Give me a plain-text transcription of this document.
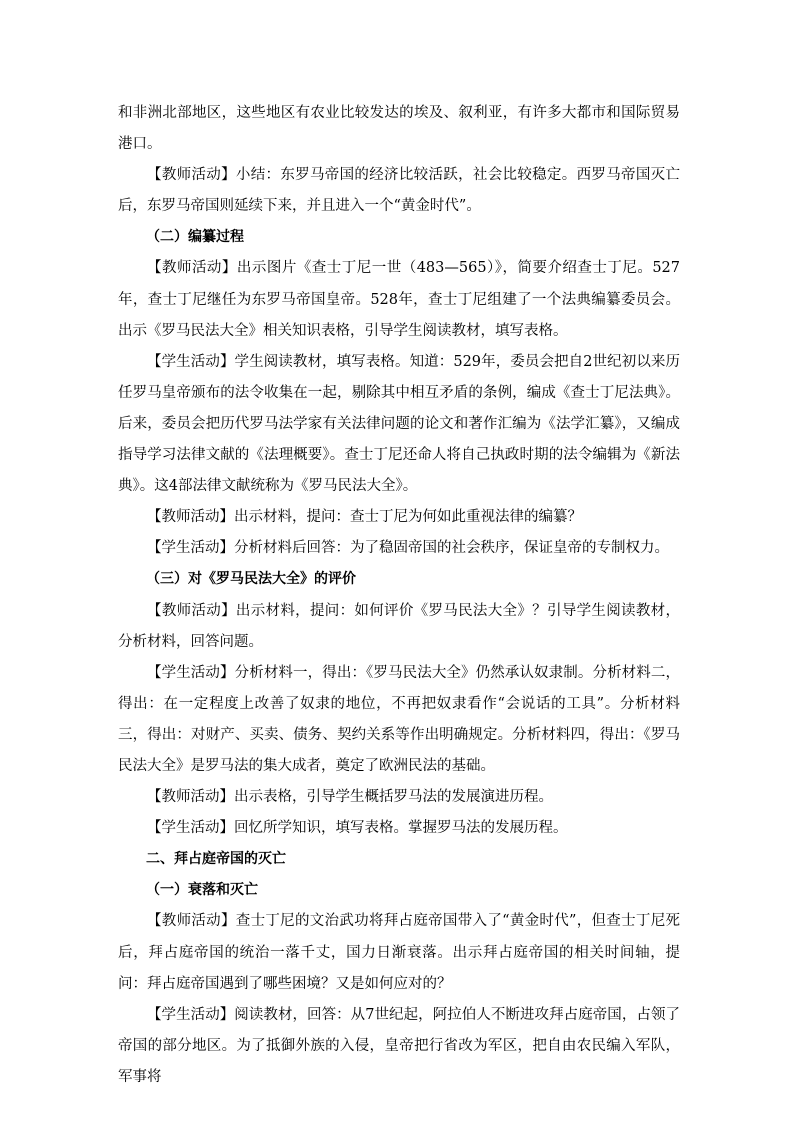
和非洲北部地区，这些地区有农业比较发达的埃及、叙利亚，有许多大都市和国际贸易港口。

【教师活动】小结：东罗马帝国的经济比较活跃，社会比较稳定。西罗马帝国灭亡后，东罗马帝国则延续下来，并且进入一个“黄金时代”。

（二）编纂过程

【教师活动】出示图片《查士丁尼一世（483—565）》，简要介绍查士丁尼。527年，查士丁尼继任为东罗马帝国皇帝。528年，查士丁尼组建了一个法典编纂委员会。出示《罗马民法大全》相关知识表格，引导学生阅读教材，填写表格。

【学生活动】学生阅读教材，填写表格。知道：529年，委员会把自2世纪初以来历任罗马皇帝颁布的法令收集在一起，剔除其中相互矛盾的条例，编成《查士丁尼法典》。后来，委员会把历代罗马法学家有关法律问题的论文和著作汇编为《法学汇纂》，又编成指导学习法律文献的《法理概要》。查士丁尼还命人将自己执政时期的法令编辑为《新法典》。这4部法律文献统称为《罗马民法大全》。

【教师活动】出示材料，提问：查士丁尼为何如此重视法律的编纂？

【学生活动】分析材料后回答：为了稳固帝国的社会秩序，保证皇帝的专制权力。

（三）对《罗马民法大全》的评价

【教师活动】出示材料，提问：如何评价《罗马民法大全》？引导学生阅读教材，分析材料，回答问题。

【学生活动】分析材料一，得出：《罗马民法大全》仍然承认奴隶制。分析材料二，得出：在一定程度上改善了奴隶的地位，不再把奴隶看作“会说话的工具”。分析材料三，得出：对财产、买卖、债务、契约关系等作出明确规定。分析材料四，得出：《罗马民法大全》是罗马法的集大成者，奠定了欧洲民法的基础。

【教师活动】出示表格，引导学生概括罗马法的发展演进历程。

【学生活动】回忆所学知识，填写表格。掌握罗马法的发展历程。

二、拜占庭帝国的灭亡

（一）衰落和灭亡

【教师活动】查士丁尼的文治武功将拜占庭帝国带入了“黄金时代”，但查士丁尼死后，拜占庭帝国的统治一落千丈，国力日渐衰落。出示拜占庭帝国的相关时间轴，提问：拜占庭帝国遇到了哪些困境？又是如何应对的？

【学生活动】阅读教材，回答：从7世纪起，阿拉伯人不断进攻拜占庭帝国，占领了帝国的部分地区。为了抵御外族的入侵，皇帝把行省改为军区，把自由农民编入军队，军事将
